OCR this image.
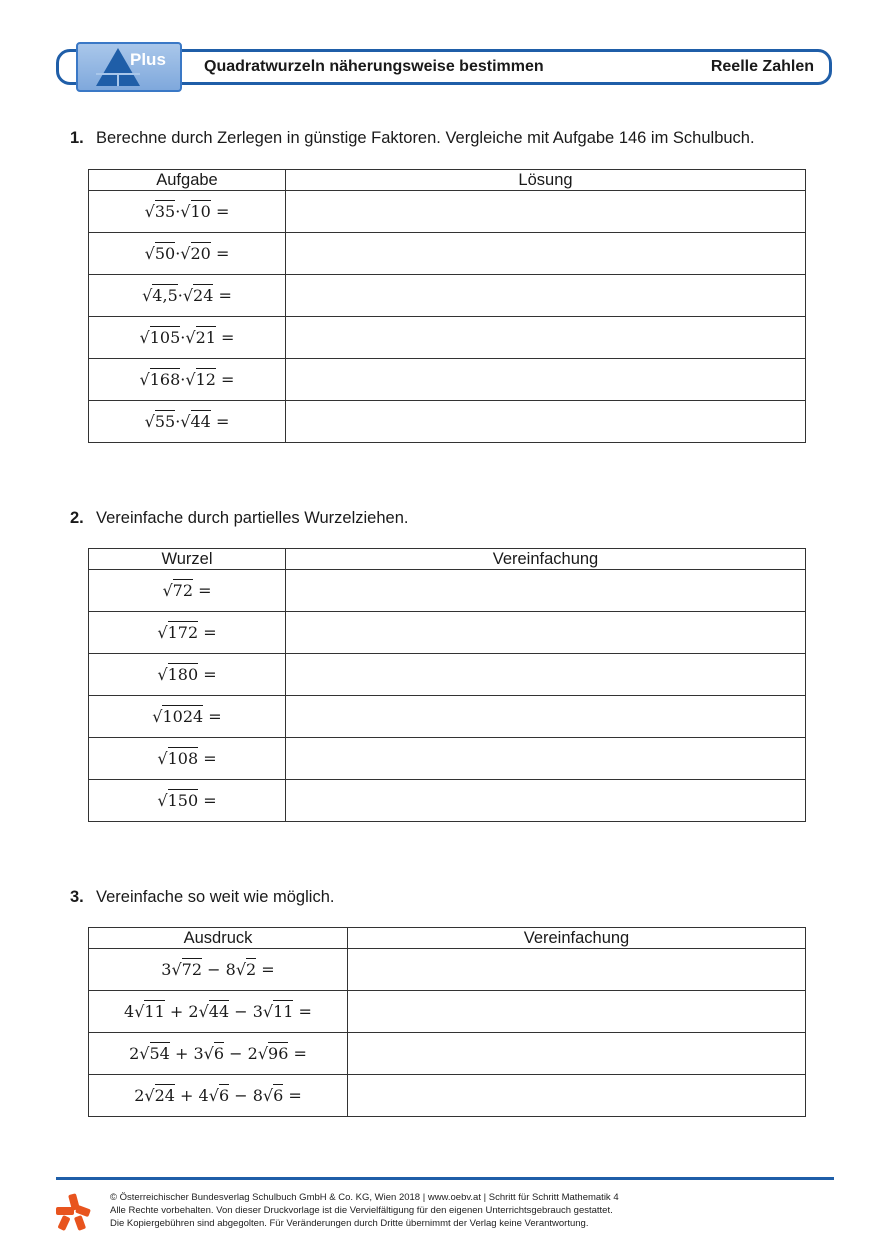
Plus Quadratwurzeln näherungsweise bestimmen	Reelle Zahlen
1. Berechne durch Zerlegen in günstige Faktoren. Vergleiche mit Aufgabe 146 im Schulbuch.
Aufgabe	Lösung
√35·√10 =	
√50·√20 =	
√4,5·√24 =	
√105·√21 =	
√168·√12 =	
√55·√44 =	
2. Vereinfache durch partielles Wurzelziehen.
Wurzel	Vereinfachung
√72 =	
√172 =	
√180 =	
√1024 =	
√108 =	
√150 =	
3. Vereinfache so weit wie möglich.
Ausdruck	Vereinfachung
3√72 − 8√2 =	
4√11 + 2√44 − 3√11 =	
2√54 + 3√6 − 2√96 =	
2√24 + 4√6 − 8√6 =	
© Österreichischer Bundesverlag Schulbuch GmbH & Co. KG, Wien 2018 | www.oebv.at | Schritt für Schritt Mathematik 4
Alle Rechte vorbehalten. Von dieser Druckvorlage ist die Vervielfältigung für den eigenen Unterrichtsgebrauch gestattet.
Die Kopiergebühren sind abgegolten. Für Veränderungen durch Dritte übernimmt der Verlag keine Verantwortung.
